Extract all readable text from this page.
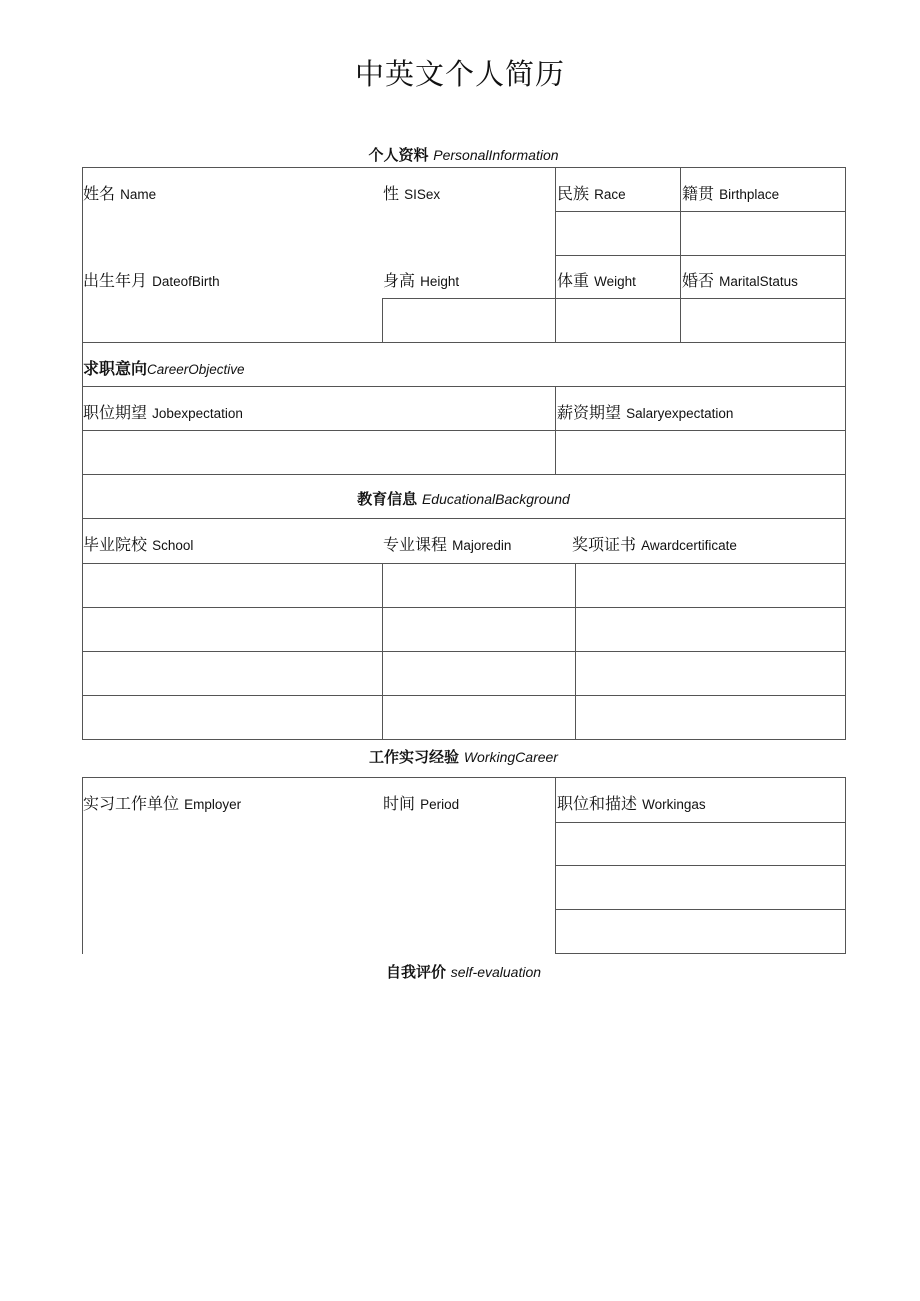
中英文个人简历
个人资料 PersonalInformation
姓名 Name	性 SISex	民族 Race	籍贯 Birthplace
出生年月 DateofBirth	身高 Height	体重 Weight	婚否 MaritalStatus
求职意向CareerObjective
职位期望 Jobexpectation	薪资期望 Salaryexpectation
教育信息 EducationalBackground
毕业院校 School	专业课程 Majoredin	奖项证书 Awardcertificate
工作实习经验 WorkingCareer
实习工作单位 Employer	时间 Period	职位和描述 Workingas
自我评价 self-evaluation
